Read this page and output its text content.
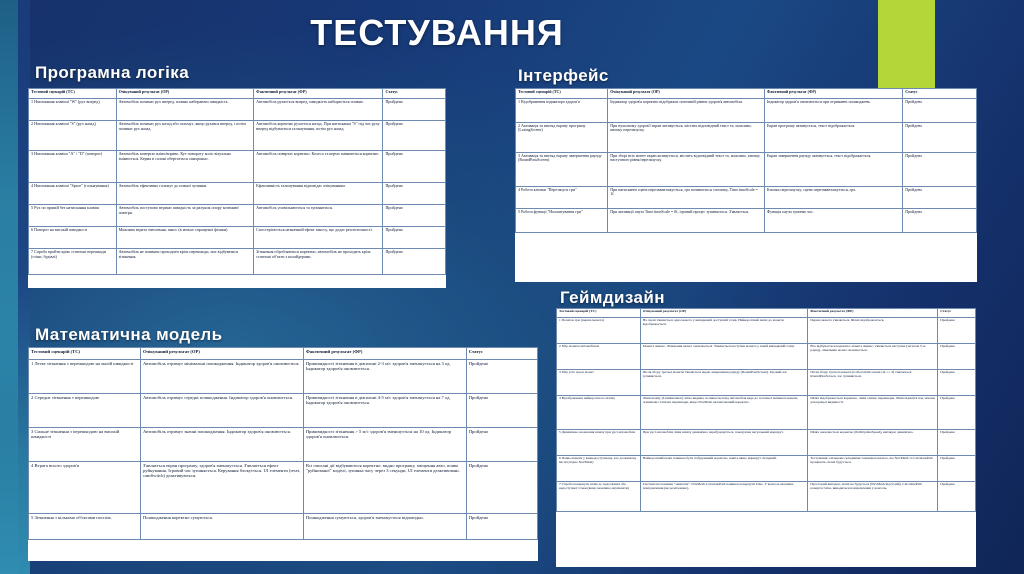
ТЕСТУВАННЯ
Програмна логіка
Тестовий сценарій (ТС)	Очікуваний результат (ОР)	Фактичний результат (ФР)	Статус
1 Натискання клавіші "W" (рух вперед)	Автомобіль починає рух вперед, плавно набираючи швидкість.	Автомобіль рухається вперед, швидкість набирається плавно.	Пройдено
2 Натискання клавіші "S" (рух назад)	Автомобіль починає рух назад або гальмує, якщо рухався вперед, і потім починає рух назад.	Автомобіль коректно рухається назад. При натисканні "S" під час руху вперед відбувається гальмування, потім рух назад.	Пройдено
3 Натискання клавіш "A" / "D" (поворот)	Автомобіль повертає вліво/вправо. Кут повороту коліс візуально змінюється. Керма в салоні обертається синхронно.	Автомобіль повертає коректно. Колеса та кермо змінюються коректно.	Пройдено
4 Натискання клавіші "Space" (гальмування)	Автомобіль ефективно гальмує до повної зупинки.	Ефективність гальмування відповідає очікуванням.	Пройдено
5 Рух по прямій без натискання клавіш	Автомобіль поступово втрачає швидкість за рахунок опору коченню/повітря.	Автомобіль уповільнюється та зупиняється.	Пройдено
6 Поворот на високій швидкості	Можлива втрата зчеплення, занос (в межах спрощеної фізики).	Спостерігається незначний ефект заносу, що додає реалістичності.	Пройдено
7 Спроба пройти крізь статичні перешкоди (стіни, будівлі)	Автомобіль не повинен проходити крізь перешкоди, має відбуватися зіткнення.	Зіткнення обробляються коректно, автомобіль не проходить крізь статичні об'єкти з колайдерами.	Пройдено
Математична модель
Тестовий сценарій (ТС)	Очікуваний результат (ОР)	Фактичний результат (ФР)	Статус
1 Легке зіткнення з перешкодою на малій швидкості	Автомобіль отримує мінімальні пошкодження. Індикатор здоров'я оновлюється.	Пришвидкості зіткнення в діапазоні 2-3 м/с здоров'я зменшується на 3 од. Індикатор здоров'я оновлюється.	Пройдено
2 Середнє зіткнення з перешкодою	Автомобіль отримує середні пошкодження. Індикатор здоров'я оновлюється.	Пришвидкості зіткнення в діапазоні 4-5 м/с здоров'я зменшується на 7 од. Індикатор здоров'я оновлюється.	Пройдено
3 Сильне зіткнення з перешкодою на високій швидкості	Автомобіль отримує значні пошкодження. Індикатор здоров'я оновлюється.	Пришвидкості зіткнення > 5 м/с здоров'я зменшується на 10 од. Індикатор здоров'я оновлюється.	Пройдено
4 Втрата всього здоров'я	З'являється екран програшу, здоров'я зменшується. З'являється ефект руйнування. Ігровий час зупиняється. Керування блокується. UI елементи (reset, camSwitch) деактивуються.	Всі описані дії відбуваються коректно: видно програшу, зміщення авто, поява "руйнованої" моделі, зупинка часу через 3 секунди, UI елементи деактивовані.	Пройдено
5 Зіткнення з кількома об'єктами поспіль	Пошкодження коректно сумуються.	Пошкодження сумуються, здоров'я зменшується відповідно.	Пройдено
Інтерфейс
Тестовий сценарій (ТС)	Очікуваний результат (ОР)	Фактичний результат (ФР)	Статус
1 Відображення індикатора здоров'я	Індикатор здоров'я коректно відображає поточний рівень здоров'я автомобіля.	Індикатор здоров'я оновлюється при отриманні пошкоджень.	Пройдено
2 Активація та вигляд екрану програшу (LosingScreen)	При нульовому здоров'ї екран активується, містить відповідний текст та, можливо, кнопку перезапуску.	Екран програшу активується, текст відображається.	Пройдено
3 Активація та вигляд екрану завершення раунду (RoundPassScreen)	При зборі всіх монет екран активується, містить відповідний текст та, можливо, кнопку наступного рівня/перезапуску.	Екран завершення раунду активується, текст відображається.	Пройдено
4 Робота кнопки "Перезапуск гри"	При натисканні сцена перезавантажується, гра починається спочатку, Time.timeScale = 1f.	Кнопка перезапуску, сцена перезавантажується, гра.	Пройдено
5 Робота функції "Налаштування гри"	При активації пауза Time.timeScale = 0f, ігровий процес зупиняється. З'являється.	Функція паузи зупиняє час.	Пройдено
Геймдизайн
Тестовий сценарій (ТС)	Очікуваний результат (ОР)	Фактичний результат (ФР)	Статус
1 Початок гри (перша монета)	На сцені з'являється одна монета у випадковій доступній точці. Найкоротший шлях до монети відображається.	Перша монета з'являється. Шлях відображається.	Пройдено
2 Збір монети автомобілем	Монета зникає. Лічильник монет оновлюється. З'являється наступна монета у новій випадковій точці.	Все відбувається коректно: монета зникає, з'являється наступна (загалом 3 за раунд), лічильник монет оновлюється.	Пройдено
3 Збір усіх трьох монет	Після збору третьої монети з'являється екран завершення раунду (RoundPassScreen). Ігровий час зупиняється.	Після збору третьої монети (CollectableCounter.cnt == 3) з'являється RoundPassScreen, час зупиняється.	Пройдено
4 Відображення найкоротшого шляху	Лінія шляху (LineRenderer) чітко видима, починається від автомобіля веде до поточної активної монети, огинаючи статичні перешкоди, якщо NavMesh налаштований коректно.	Шлях відображається коректно, лінія огинає перешкоди. Лінія підняття над землею для кращої видимості.	Пройдено
5 Динамічне оновлення шляху при русі автомобіля	При русі автомобіля лінія шляху динамічно перебудовується, показуючи актуальний маршрут.	Шлях оновлюється коректно (PathUpdateSpeed), виглядає динамічно.	Пройдено
6 Поява монети у важкодоступному, але досяжному місці (згідно NavMesh)	Найкоротший шлях повинен бути побудований коректно, навіть якщо маршрут складний.	Тестування з кількома складними точками показало, що NavMesh та CalculatePath працюють, шлях будується.	Пройдено
7 Спроба повернути шлях до недосяжної або недоступної точки (якщо можливо емулювати)	Система не повинна "зависати". NavMesh.CalculatePath повинен повернути false. У консоль можливе повідомлення (як реалізовано).	Просторий випадок, шлях не будується (NavMesh відсутній), CalculatePath повертає false, виводиться повідомлення у консоль.	Пройдено
